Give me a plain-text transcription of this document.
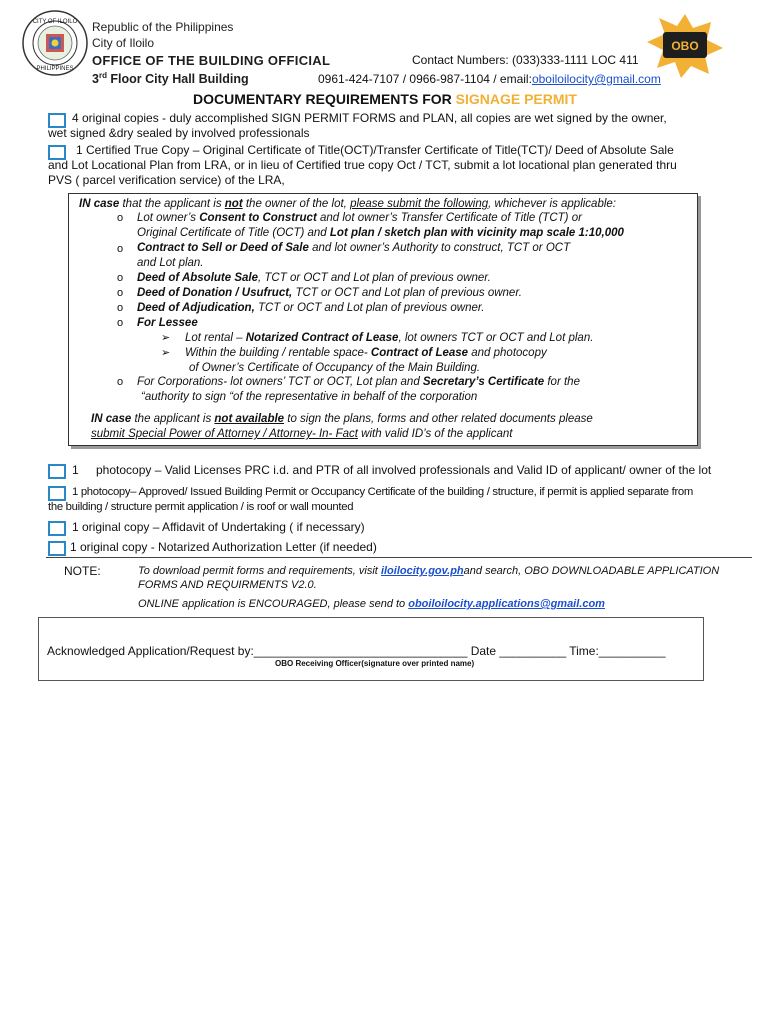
CITY OF ILOILO
PHILIPPINES
Republic of the Philippines
City of Iloilo
OFFICE OF THE BUILDING OFFICIAL
3rd Floor City Hall Building
Contact Numbers: (033)333-1111 LOC 411
0961-424-7107 / 0966-987-1104 / email:oboiloilocity@gmail.com
OBO
DOCUMENTARY REQUIREMENTS FOR SIGNAGE PERMIT
4 original copies - duly accomplished SIGN PERMIT FORMS and PLAN, all copies are wet signed by the owner,
wet signed &dry sealed by involved professionals
1 Certified True Copy – Original Certificate of Title(OCT)/Transfer Certificate of Title(TCT)/ Deed of Absolute Sale
and Lot Locational Plan from LRA, or in lieu of Certified true copy Oct / TCT, submit a lot locational plan generated thru
PVS ( parcel verification service) of the LRA,
IN case that the applicant is not the owner of the lot, please submit the following, whichever is applicable:
o Lot owner’s Consent to Construct and lot owner’s Transfer Certificate of Title (TCT) or
Original Certificate of Title (OCT) and Lot plan / sketch plan with vicinity map scale 1:10,000
o Contract to Sell or Deed of Sale and lot owner’s Authority to construct, TCT or OCT
and Lot plan.
o Deed of Absolute Sale, TCT or OCT and Lot plan of previous owner.
o Deed of Donation / Usufruct, TCT or OCT and Lot plan of previous owner.
o Deed of Adjudication, TCT or OCT and Lot plan of previous owner.
o For Lessee
➢ Lot rental – Notarized Contract of Lease, lot owners TCT or OCT and Lot plan.
➢ Within the building / rentable space- Contract of Lease and photocopy
of Owner’s Certificate of Occupancy of the Main Building.
o For Corporations- lot owners’ TCT or OCT, Lot plan and Secretary’s Certificate for the
“authority to sign “of the representative in behalf of the corporation
IN case the applicant is not available to sign the plans, forms and other related documents please
submit Special Power of Attorney / Attorney- In- Fact with valid ID’s of the applicant
1 photocopy – Valid Licenses PRC i.d. and PTR of all involved professionals and Valid ID of applicant/ owner of the lot
1 photocopy– Approved/ Issued Building Permit or Occupancy Certificate of the building / structure, if permit is applied separate from
the building / structure permit application / is roof or wall mounted
1 original copy – Affidavit of Undertaking ( if necessary)
1 original copy - Notarized Authorization Letter (if needed)
NOTE:	To download permit forms and requirements, visit iloilocity.gov.phand search, OBO DOWNLOADABLE APPLICATION
FORMS AND REQUIRMENTS V2.0.
ONLINE application is ENCOURAGED, please send to oboiloilocity.applications@gmail.com
Acknowledged Application/Request by:________________________________ Date __________ Time:__________
OBO Receiving Officer(signature over printed name)
